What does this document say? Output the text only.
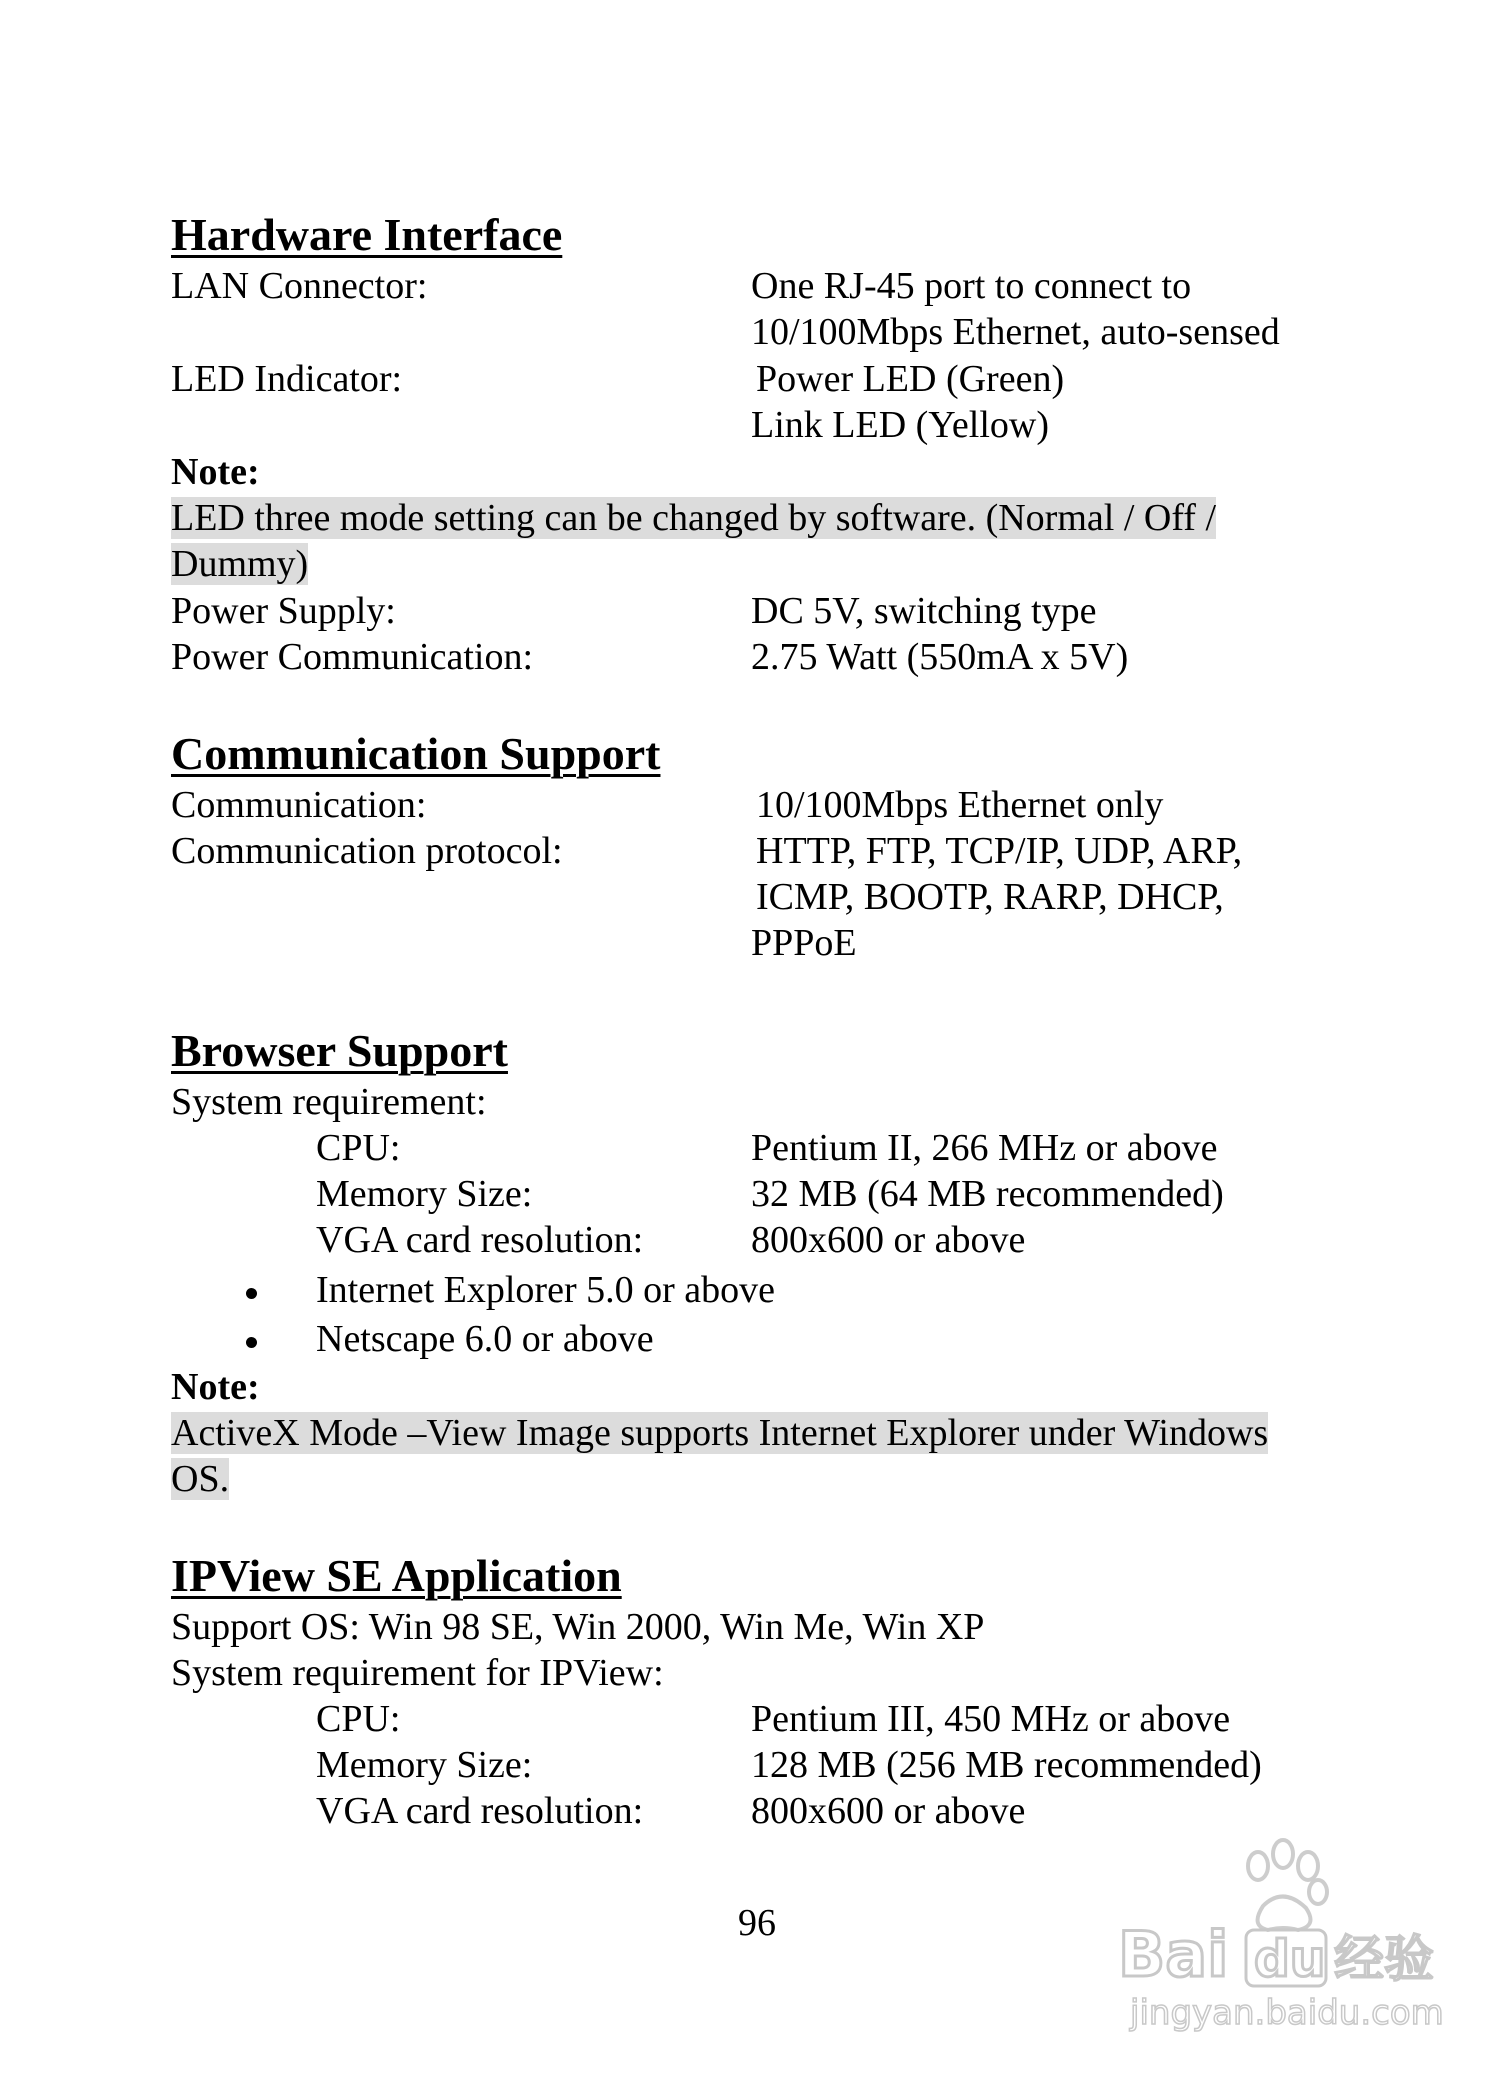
Hardware Interface
LAN Connector:	One RJ-45 port to connect to
10/100Mbps Ethernet, auto-sensed
LED Indicator:	Power LED (Green)
Link LED (Yellow)
Note:
LED three mode setting can be changed by software. (Normal / Off /
Dummy)
Power Supply:	DC 5V, switching type
Power Communication:	2.75 Watt (550mA x 5V)
Communication Support
Communication:	10/100Mbps Ethernet only
Communication protocol:	HTTP, FTP, TCP/IP, UDP, ARP,
ICMP, BOOTP, RARP, DHCP,
PPPoE
Browser Support
System requirement:
CPU:	Pentium II, 266 MHz or above
Memory Size:	32 MB (64 MB recommended)
VGA card resolution:	800x600 or above
Internet Explorer 5.0 or above
Netscape 6.0 or above
Note:
ActiveX Mode –View Image supports Internet Explorer under Windows
OS.
IPView SE Application
Support OS: Win 98 SE, Win 2000, Win Me, Win XP
System requirement for IPView:
CPU:	Pentium III, 450 MHz or above
Memory Size:	128 MB (256 MB recommended)
VGA card resolution:	800x600 or above
96	Bai du 经验
jingyan.baidu.com
